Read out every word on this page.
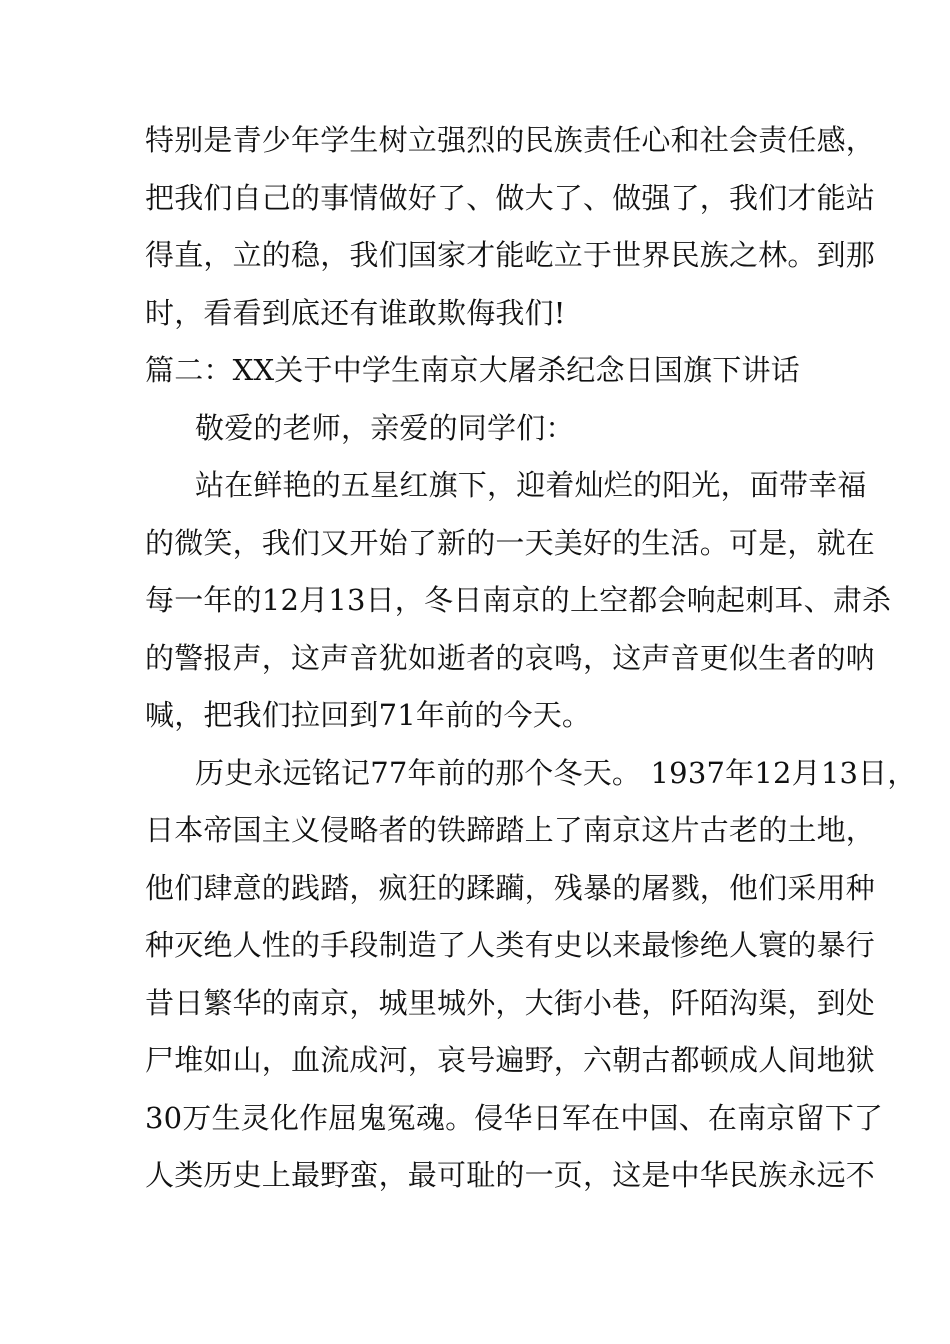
特别是青少年学生树立强烈的民族责任心和社会责任感，
把我们自己的事情做好了、做大了、做强了，我们才能站
得直，立的稳，我们国家才能屹立于世界民族之林。到那
时，看看到底还有谁敢欺侮我们!
篇二：XX关于中学生南京大屠杀纪念日国旗下讲话
敬爱的老师，亲爱的同学们：
站在鲜艳的五星红旗下，迎着灿烂的阳光，面带幸福
的微笑，我们又开始了新的一天美好的生活。可是，就在
每一年的12月13日，冬日南京的上空都会响起刺耳、肃杀
的警报声，这声音犹如逝者的哀鸣，这声音更似生者的呐
喊，把我们拉回到71年前的今天。
历史永远铭记77年前的那个冬天。 1937年12月13日，
日本帝国主义侵略者的铁蹄踏上了南京这片古老的土地，
他们肆意的践踏，疯狂的蹂躏，残暴的屠戮，他们采用种
种灭绝人性的手段制造了人类有史以来最惨绝人寰的暴行
昔日繁华的南京，城里城外，大街小巷，阡陌沟渠，到处
尸堆如山，血流成河，哀号遍野，六朝古都顿成人间地狱
30万生灵化作屈鬼冤魂。侵华日军在中国、在南京留下了
人类历史上最野蛮，最可耻的一页，这是中华民族永远不
